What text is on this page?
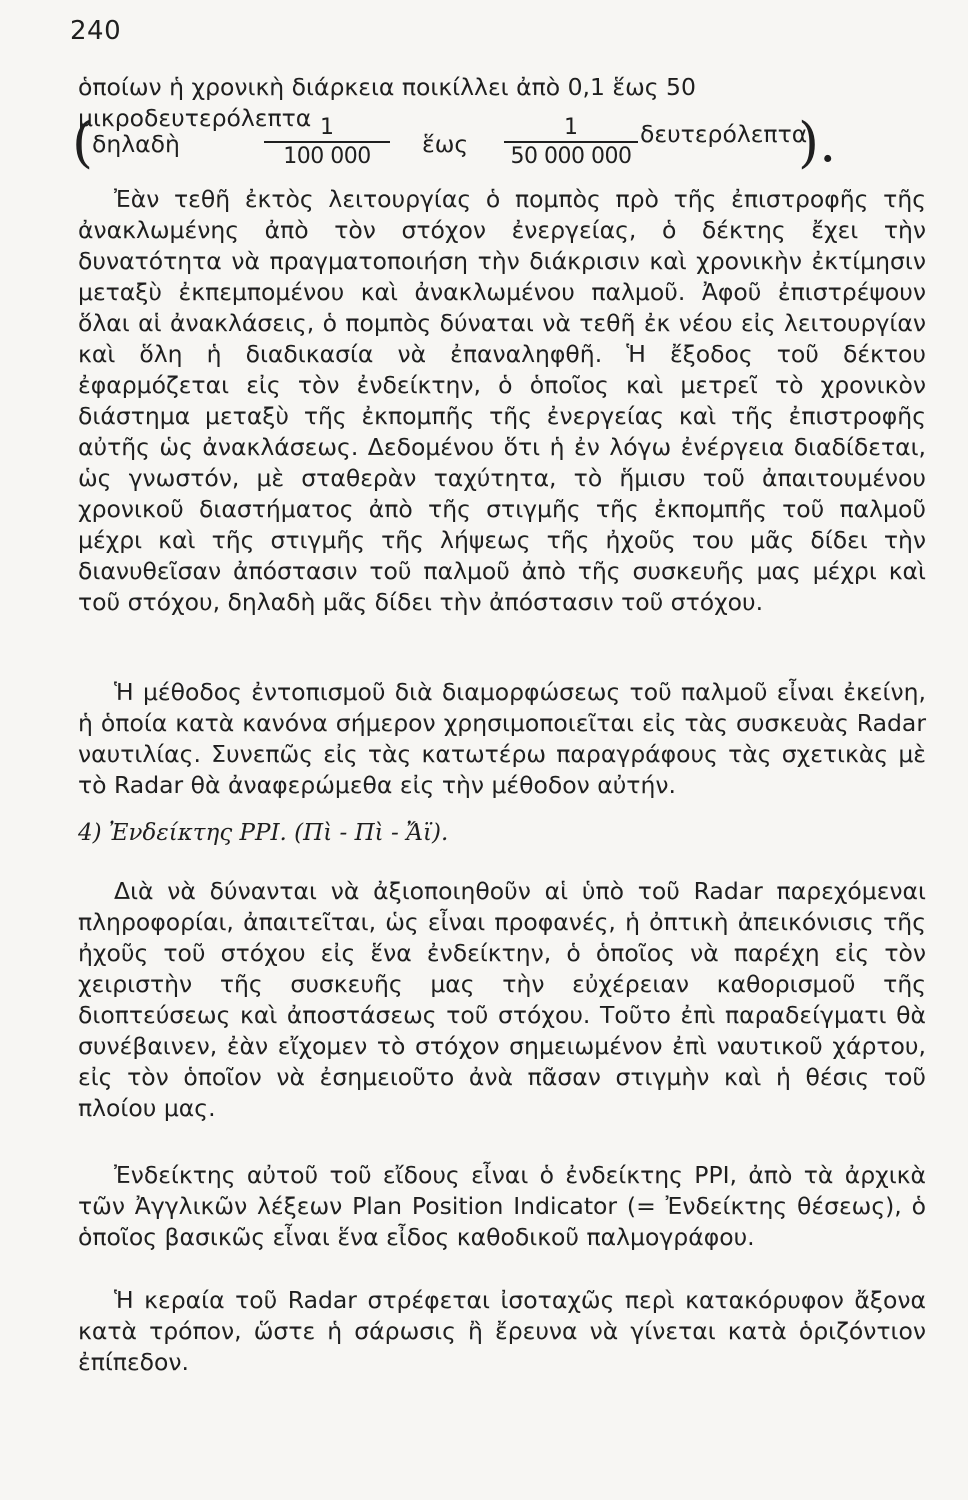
240
ὁποίων ἡ χρονικὴ διάρκεια ποικίλλει ἀπὸ 0,1 ἕως 50 μικροδευτερόλεπτα
(
δηλαδὴ
1
100 000 ἕως
1
50 000 000
δευτερόλεπτα
).
Ἐὰν τεθῆ ἐκτὸς λειτουργίας ὁ πομπὸς πρὸ τῆς ἐπιστροφῆς τῆς ἀνακλωμένης ἀπὸ τὸν στόχον ἐνεργείας, ὁ δέκτης ἔχει τὴν δυνατότητα νὰ πραγματοποιήση τὴν διάκρισιν καὶ χρονικὴν ἐκτίμησιν μεταξὺ ἐκπεμπομένου καὶ ἀνακλωμένου παλμοῦ. Ἀφοῦ ἐπιστρέψουν ὅλαι αἱ ἀνακλάσεις, ὁ πομπὸς δύναται νὰ τεθῆ ἐκ νέου εἰς λειτουργίαν καὶ ὅλη ἡ διαδικασία νὰ ἐπαναληφθῆ. Ἡ ἔξοδος τοῦ δέκτου ἐφαρμόζεται εἰς τὸν ἐνδείκτην, ὁ ὁποῖος καὶ μετρεῖ τὸ χρονικὸν διάστημα μεταξὺ τῆς ἐκπομπῆς τῆς ἐνεργείας καὶ τῆς ἐπιστροφῆς αὐτῆς ὡς ἀνακλάσεως. Δεδομένου ὅτι ἡ ἐν λόγω ἐνέργεια διαδίδεται, ὡς γνωστόν, μὲ σταθερὰν ταχύτητα, τὸ ἥμισυ τοῦ ἀπαιτουμένου χρονικοῦ διαστήματος ἀπὸ τῆς στιγμῆς τῆς ἐκπομπῆς τοῦ παλμοῦ μέχρι καὶ τῆς στιγμῆς τῆς λήψεως τῆς ἠχοῦς του μᾶς δίδει τὴν διανυθεῖσαν ἀπόστασιν τοῦ παλμοῦ ἀπὸ τῆς συσκευῆς μας μέχρι καὶ τοῦ στόχου, δηλαδὴ μᾶς δίδει τὴν ἀπόστασιν τοῦ στόχου.
Ἡ μέθοδος ἐντοπισμοῦ διὰ διαμορφώσεως τοῦ παλμοῦ εἶναι ἐκείνη, ἡ ὁποία κατὰ κανόνα σήμερον χρησιμοποιεῖται εἰς τὰς συσκευὰς Radar ναυτιλίας. Συνεπῶς εἰς τὰς κατωτέρω παραγράφους τὰς σχετικὰς μὲ τὸ Radar θὰ ἀναφερώμεθα εἰς τὴν μέθοδον αὐτήν.
4) Ἐνδείκτης PPI. (Πὶ - Πὶ - Ἄϊ).
Διὰ νὰ δύνανται νὰ ἀξιοποιηθοῦν αἱ ὑπὸ τοῦ Radar παρεχόμεναι πληροφορίαι, ἀπαιτεῖται, ὡς εἶναι προφανές, ἡ ὀπτικὴ ἀπεικόνισις τῆς ἠχοῦς τοῦ στόχου εἰς ἕνα ἐνδείκτην, ὁ ὁποῖος νὰ παρέχη εἰς τὸν χειριστὴν τῆς συσκευῆς μας τὴν εὐχέρειαν καθορισμοῦ τῆς διοπτεύσεως καὶ ἀποστάσεως τοῦ στόχου. Τοῦτο ἐπὶ παραδείγματι θὰ συνέβαινεν, ἐὰν εἴχομεν τὸ στόχον σημειωμένον ἐπὶ ναυτικοῦ χάρτου, εἰς τὸν ὁποῖον νὰ ἐσημειοῦτο ἀνὰ πᾶσαν στιγμὴν καὶ ἡ θέσις τοῦ πλοίου μας.
Ἐνδείκτης αὐτοῦ τοῦ εἴδους εἶναι ὁ ἐνδείκτης PPI, ἀπὸ τὰ ἀρχικὰ τῶν Ἀγγλικῶν λέξεων Plan Position Indicator (= Ἐνδείκτης θέσεως), ὁ ὁποῖος βασικῶς εἶναι ἕνα εἶδος καθοδικοῦ παλμογράφου.
Ἡ κεραία τοῦ Radar στρέφεται ἰσοταχῶς περὶ κατακόρυφον ἄξονα κατὰ τρόπον, ὥστε ἡ σάρωσις ἢ ἔρευνα νὰ γίνεται κατὰ ὁριζόντιον ἐπίπεδον.
